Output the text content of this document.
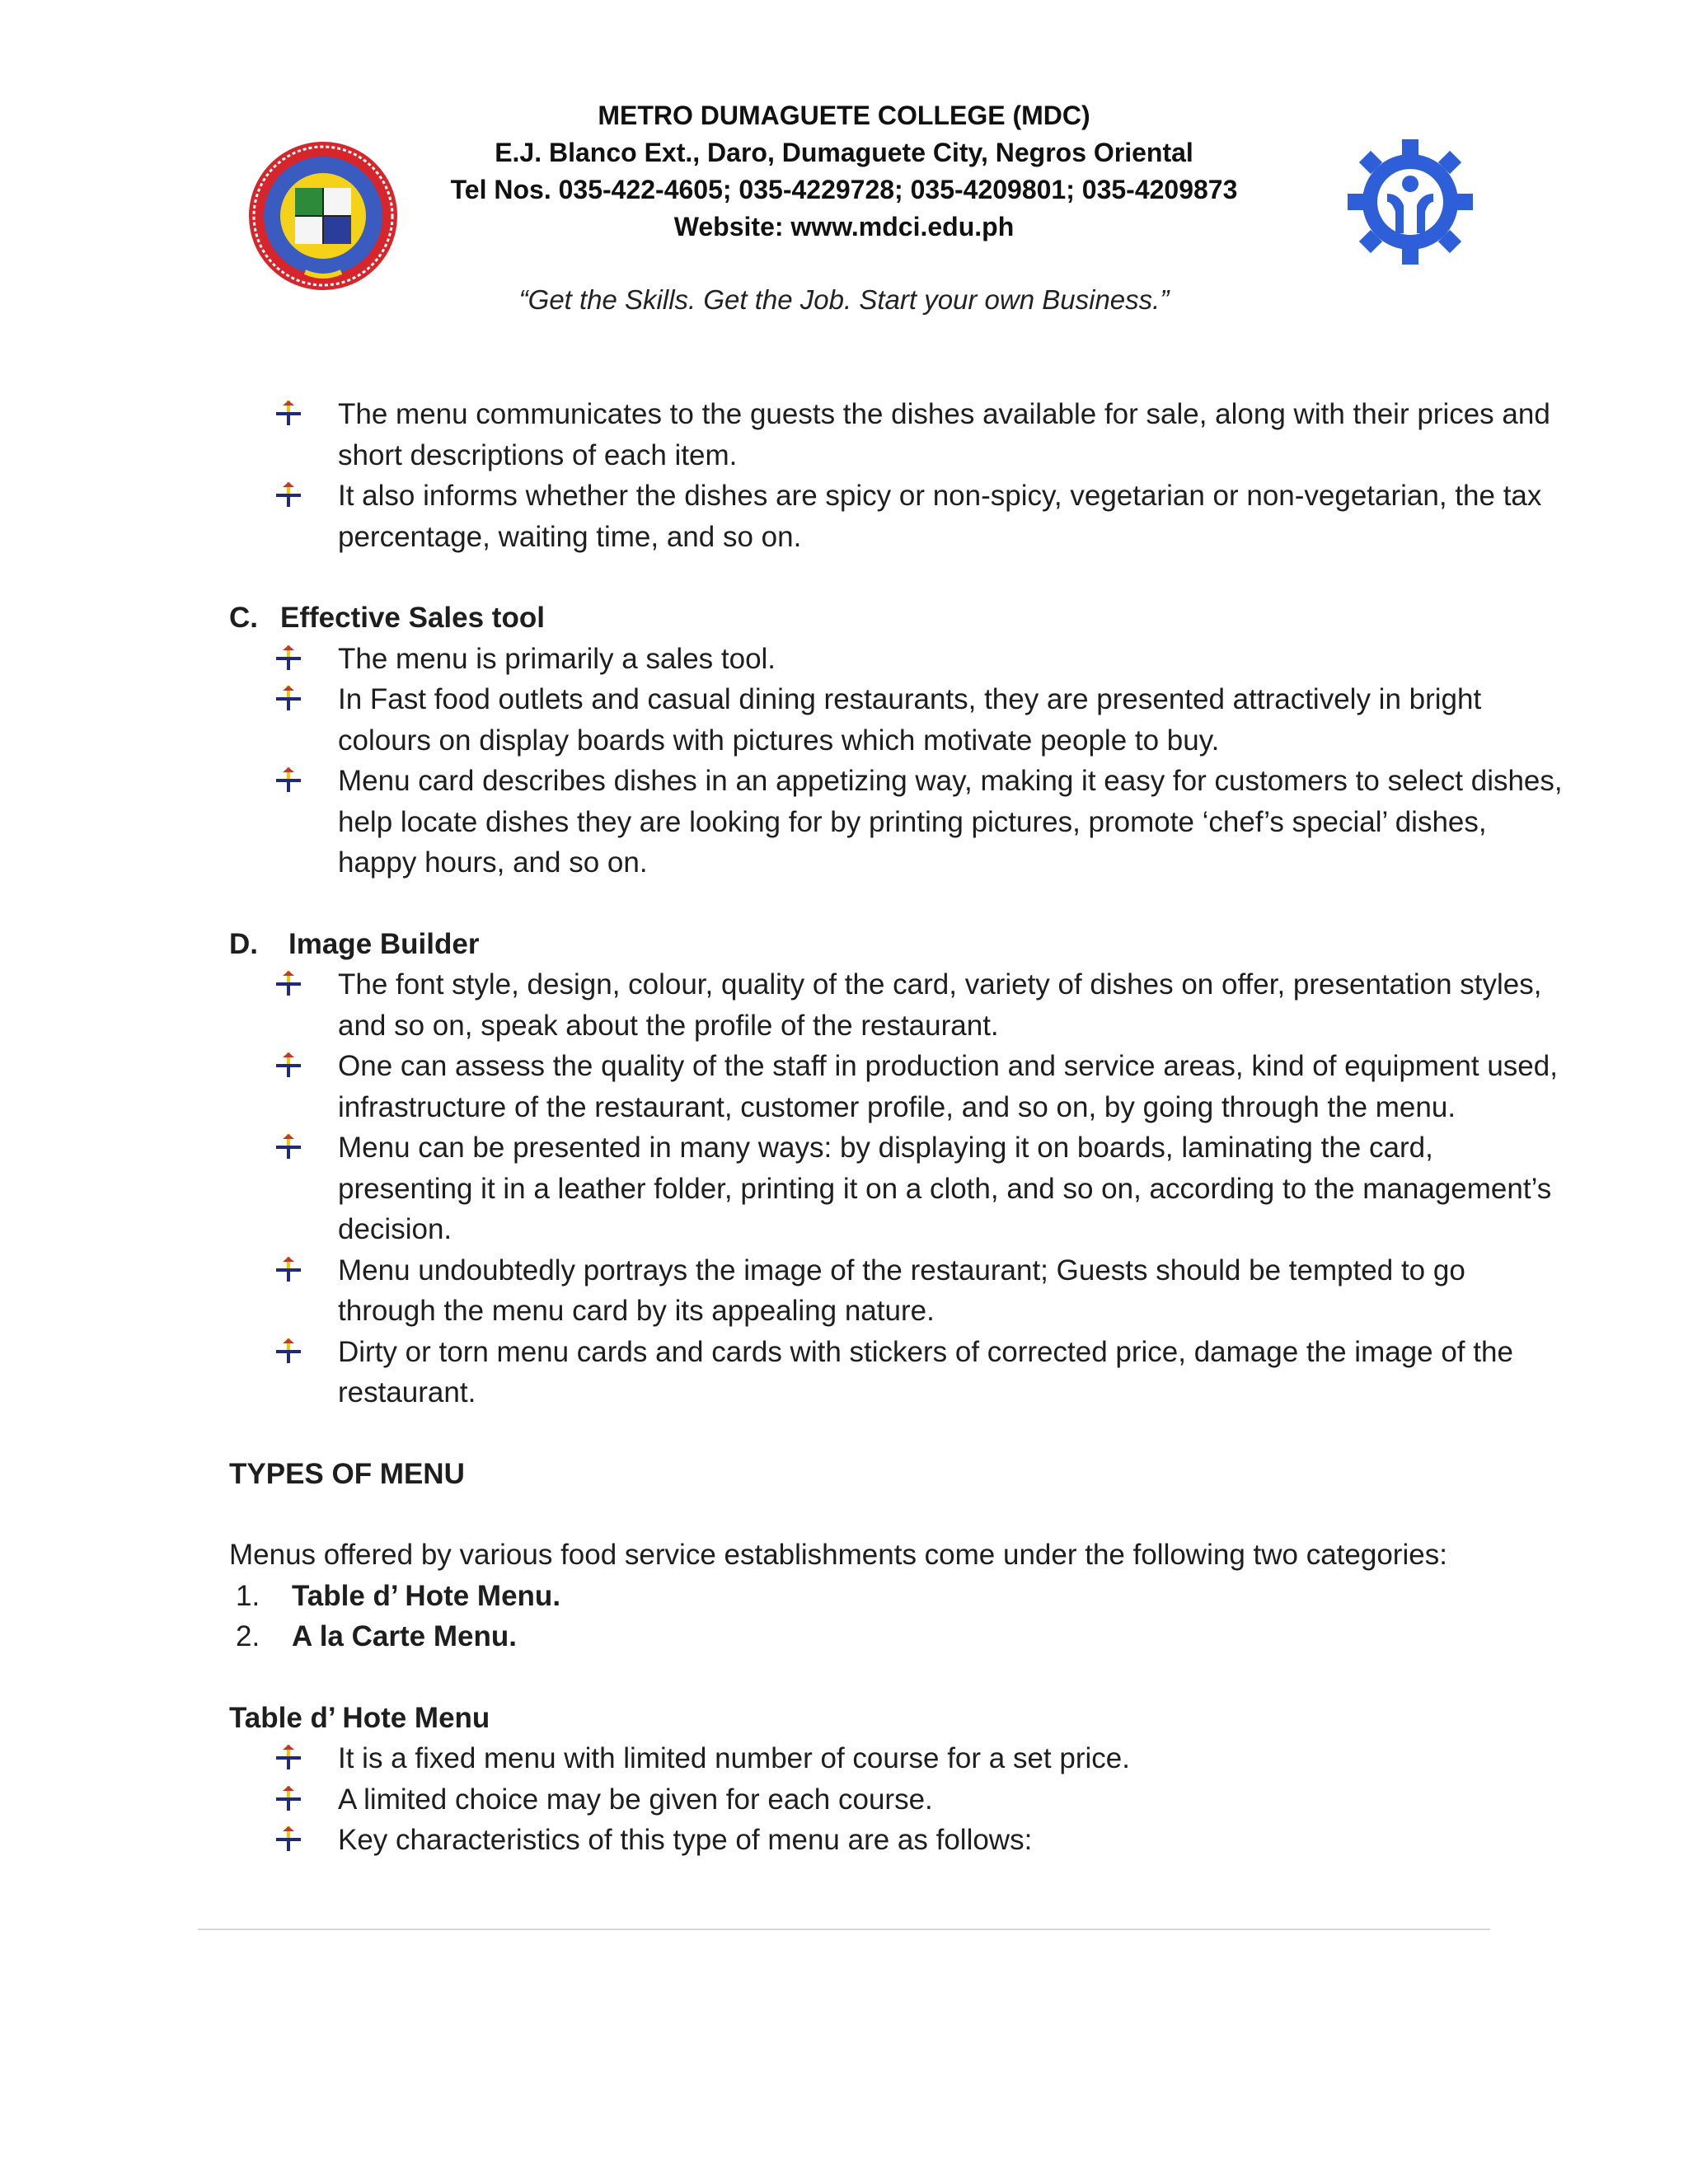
METRO DUMAGUETE COLLEGE (MDC)
E.J. Blanco Ext., Daro, Dumaguete City, Negros Oriental
Tel Nos. 035-422-4605; 035-4229728; 035-4209801; 035-4209873
Website: www.mdci.edu.ph
“Get the Skills. Get the Job. Start your own Business.”
The menu communicates to the guests the dishes available for sale, along with their prices and short descriptions of each item.
It also informs whether the dishes are spicy or non-spicy, vegetarian or non-vegetarian, the tax percentage, waiting time, and so on.
C. Effective Sales tool
The menu is primarily a sales tool.
In Fast food outlets and casual dining restaurants, they are presented attractively in bright colours on display boards with pictures which motivate people to buy.
Menu card describes dishes in an appetizing way, making it easy for customers to select dishes, help locate dishes they are looking for by printing pictures, promote ‘chef’s special’ dishes, happy hours, and so on.
D. Image Builder
The font style, design, colour, quality of the card, variety of dishes on offer, presentation styles, and so on, speak about the profile of the restaurant.
One can assess the quality of the staff in production and service areas, kind of equipment used, infrastructure of the restaurant, customer profile, and so on, by going through the menu.
Menu can be presented in many ways: by displaying it on boards, laminating the card, presenting it in a leather folder, printing it on a cloth, and so on, according to the management’s decision.
Menu undoubtedly portrays the image of the restaurant; Guests should be tempted to go through the menu card by its appealing nature.
Dirty or torn menu cards and cards with stickers of corrected price, damage the image of the restaurant.
TYPES OF MENU
Menus offered by various food service establishments come under the following two categories:
1. Table d’ Hote Menu.
2. A la Carte Menu.
Table d’ Hote Menu
It is a fixed menu with limited number of course for a set price.
A limited choice may be given for each course.
Key characteristics of this type of menu are as follows:
